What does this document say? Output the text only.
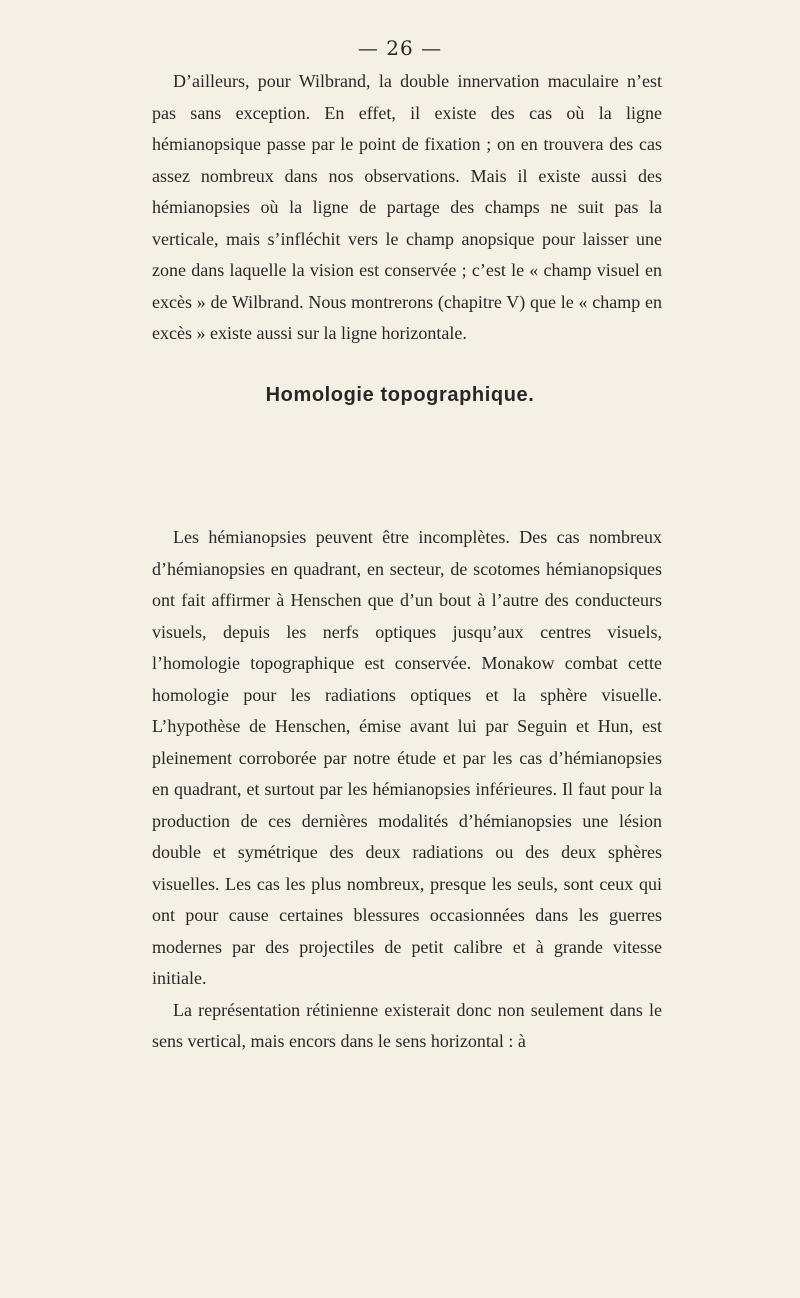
— 26 —

D’ailleurs, pour Wilbrand, la double innervation maculaire n’est pas sans exception. En effet, il existe des cas où la ligne hémianopsique passe par le point de fixation ; on en trouvera des cas assez nombreux dans nos observations. Mais il existe aussi des hémianopsies où la ligne de partage des champs ne suit pas la verticale, mais s’infléchit vers le champ anopsique pour laisser une zone dans laquelle la vision est conservée ; c’est le « champ visuel en excès » de Wilbrand. Nous montrerons (chapitre V) que le « champ en excès » existe aussi sur la ligne horizontale.

Homologie topographique.

Les hémianopsies peuvent être incomplètes. Des cas nombreux d’hémianopsies en quadrant, en secteur, de scotomes hémianopsiques ont fait affirmer à Henschen que d’un bout à l’autre des conducteurs visuels, depuis les nerfs optiques jusqu’aux centres visuels, l’homologie topographique est conservée. Monakow combat cette homologie pour les radiations optiques et la sphère visuelle. L’hypothèse de Henschen, émise avant lui par Seguin et Hun, est pleinement corroborée par notre étude et par les cas d’hémianopsies en quadrant, et surtout par les hémianopsies inférieures. Il faut pour la production de ces dernières modalités d’hémianopsies une lésion double et symétrique des deux radiations ou des deux sphères visuelles. Les cas les plus nombreux, presque les seuls, sont ceux qui ont pour cause certaines blessures occasionnées dans les guerres modernes par des projectiles de petit calibre et à grande vitesse initiale.

La représentation rétinienne existerait donc non seulement dans le sens vertical, mais encors dans le sens horizontal : à
